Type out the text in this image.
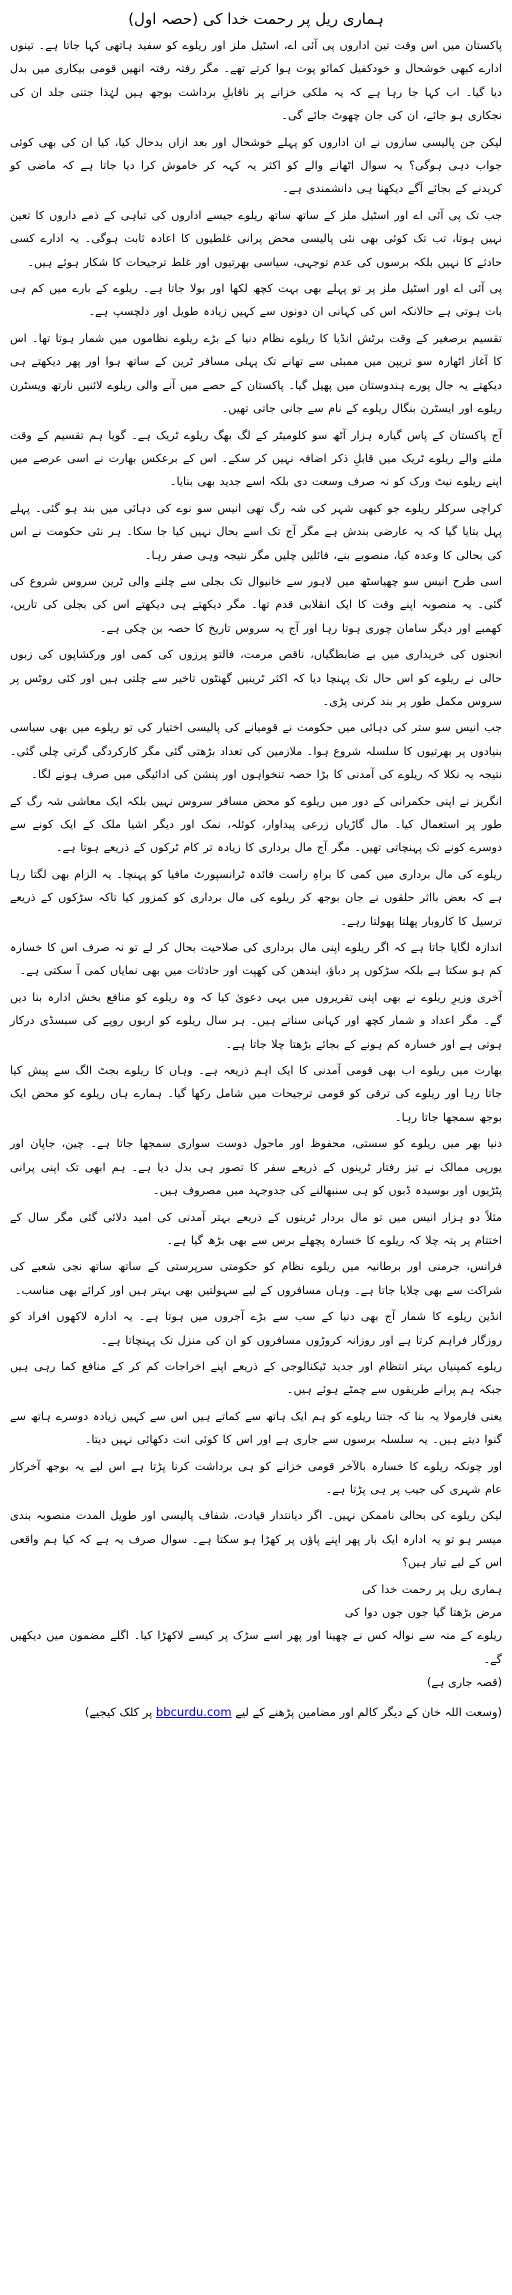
ہماری ریل پر رحمت خدا کی (حصہ اول)

پاکستان میں اس وقت تین اداروں پی آئی اے، اسٹیل ملز اور ریلوے کو سفید ہاتھی کہا جاتا ہے۔ تینوں ادارے کبھی خوشحال و خودکفیل کمائو پوت ہوا کرتے تھے۔ مگر رفتہ رفتہ انھیں قومی بیکاری میں بدل دیا گیا۔ اب کہا جا رہا ہے کہ یہ ملکی خزانے پر ناقابلِ برداشت بوجھ ہیں لہٰذا جتنی جلد ان کی نجکاری ہو جائے، ان کی جان چھوٹ جائے گی۔

لیکن جن پالیسی سازوں نے ان اداروں کو پہلے خوشحال اور بعد ازاں بدحال کیا، کیا ان کی بھی کوئی جواب دہی ہوگی؟ یہ سوال اٹھانے والے کو اکثر یہ کہہ کر خاموش کرا دیا جاتا ہے کہ ماضی کو کریدنے کے بجائے آگے دیکھنا ہی دانشمندی ہے۔

جب تک پی آئی اے اور اسٹیل ملز کے ساتھ ساتھ ریلوے جیسے اداروں کی تباہی کے ذمے داروں کا تعین نہیں ہوتا، تب تک کوئی بھی نئی پالیسی محض پرانی غلطیوں کا اعادہ ثابت ہوگی۔ یہ ادارے کسی حادثے کا نہیں بلکہ برسوں کی عدم توجہی، سیاسی بھرتیوں اور غلط ترجیحات کا شکار ہوئے ہیں۔

پی آئی اے اور اسٹیل ملز پر تو پہلے بھی بہت کچھ لکھا اور بولا جاتا ہے۔ ریلوے کے بارے میں کم ہی بات ہوتی ہے حالانکہ اس کی کہانی ان دونوں سے کہیں زیادہ طویل اور دلچسپ ہے۔

تقسیم برصغیر کے وقت برٹش انڈیا کا ریلوے نظام دنیا کے بڑے ریلوے نظاموں میں شمار ہوتا تھا۔ اس کا آغاز اٹھارہ سو تریپن میں ممبئی سے تھانے تک پہلی مسافر ٹرین کے ساتھ ہوا اور پھر دیکھتے ہی دیکھتے یہ جال پورے ہندوستان میں پھیل گیا۔ پاکستان کے حصے میں آنے والی ریلوے لائنیں نارتھ ویسٹرن ریلوے اور ایسٹرن بنگال ریلوے کے نام سے جانی جاتی تھیں۔

آج پاکستان کے پاس گیارہ ہزار آٹھ سو کلومیٹر کے لگ بھگ ریلوے ٹریک ہے۔ گویا ہم تقسیم کے وقت ملنے والے ریلوے ٹریک میں قابلِ ذکر اضافہ نہیں کر سکے۔ اس کے برعکس بھارت نے اسی عرصے میں اپنے ریلوے نیٹ ورک کو نہ صرف وسعت دی بلکہ اسے جدید بھی بنایا۔

کراچی سرکلر ریلوے جو کبھی شہر کی شہ رگ تھی انیس سو نوے کی دہائی میں بند ہو گئی۔ پہلے پہل بتایا گیا کہ یہ عارضی بندش ہے مگر آج تک اسے بحال نہیں کیا جا سکا۔ ہر نئی حکومت نے اس کی بحالی کا وعدہ کیا، منصوبے بنے، فائلیں چلیں مگر نتیجہ وہی صفر رہا۔

اسی طرح انیس سو چھیاسٹھ میں لاہور سے خانیوال تک بجلی سے چلنے والی ٹرین سروس شروع کی گئی۔ یہ منصوبہ اپنے وقت کا ایک انقلابی قدم تھا۔ مگر دیکھتے ہی دیکھتے اس کی بجلی کی تاریں، کھمبے اور دیگر سامان چوری ہوتا رہا اور آج یہ سروس تاریخ کا حصہ بن چکی ہے۔

انجنوں کی خریداری میں بے ضابطگیاں، ناقص مرمت، فالتو پرزوں کی کمی اور ورکشاپوں کی زبوں حالی نے ریلوے کو اس حال تک پہنچا دیا کہ اکثر ٹرینیں گھنٹوں تاخیر سے چلتی ہیں اور کئی روٹس پر سروس مکمل طور پر بند کرنی پڑی۔

جب انیس سو ستر کی دہائی میں حکومت نے قومیانے کی پالیسی اختیار کی تو ریلوے میں بھی سیاسی بنیادوں پر بھرتیوں کا سلسلہ شروع ہوا۔ ملازمین کی تعداد بڑھتی گئی مگر کارکردگی گرتی چلی گئی۔ نتیجہ یہ نکلا کہ ریلوے کی آمدنی کا بڑا حصہ تنخواہوں اور پنشن کی ادائیگی میں صرف ہونے لگا۔

انگریز نے اپنی حکمرانی کے دور میں ریلوے کو محض مسافر سروس نہیں بلکہ ایک معاشی شہ رگ کے طور پر استعمال کیا۔ مال گاڑیاں زرعی پیداوار، کوئلہ، نمک اور دیگر اشیا ملک کے ایک کونے سے دوسرے کونے تک پہنچاتی تھیں۔ مگر آج مال برداری کا زیادہ تر کام ٹرکوں کے ذریعے ہوتا ہے۔

ریلوے کی مال برداری میں کمی کا براہِ راست فائدہ ٹرانسپورٹ مافیا کو پہنچا۔ یہ الزام بھی لگتا رہا ہے کہ بعض بااثر حلقوں نے جان بوجھ کر ریلوے کی مال برداری کو کمزور کیا تاکہ سڑکوں کے ذریعے ترسیل کا کاروبار پھلتا پھولتا رہے۔

اندازہ لگایا جاتا ہے کہ اگر ریلوے اپنی مال برداری کی صلاحیت بحال کر لے تو نہ صرف اس کا خسارہ کم ہو سکتا ہے بلکہ سڑکوں پر دباؤ، ایندھن کی کھپت اور حادثات میں بھی نمایاں کمی آ سکتی ہے۔

آخری وزیرِ ریلوے نے بھی اپنی تقریروں میں یہی دعویٰ کیا کہ وہ ریلوے کو منافع بخش ادارہ بنا دیں گے۔ مگر اعداد و شمار کچھ اور کہانی سناتے ہیں۔ ہر سال ریلوے کو اربوں روپے کی سبسڈی درکار ہوتی ہے اور خسارہ کم ہونے کے بجائے بڑھتا چلا جاتا ہے۔

بھارت میں ریلوے اب بھی قومی آمدنی کا ایک اہم ذریعہ ہے۔ وہاں کا ریلوے بجٹ الگ سے پیش کیا جاتا رہا اور ریلوے کی ترقی کو قومی ترجیحات میں شامل رکھا گیا۔ ہمارے ہاں ریلوے کو محض ایک بوجھ سمجھا جاتا رہا۔

دنیا بھر میں ریلوے کو سستی، محفوظ اور ماحول دوست سواری سمجھا جاتا ہے۔ چین، جاپان اور یورپی ممالک نے تیز رفتار ٹرینوں کے ذریعے سفر کا تصور ہی بدل دیا ہے۔ ہم ابھی تک اپنی پرانی پٹڑیوں اور بوسیدہ ڈبوں کو ہی سنبھالنے کی جدوجہد میں مصروف ہیں۔

مثلاً دو ہزار انیس میں تو مال بردار ٹرینوں کے ذریعے بہتر آمدنی کی امید دلائی گئی مگر سال کے اختتام پر پتہ چلا کہ ریلوے کا خسارہ پچھلے برس سے بھی بڑھ گیا ہے۔

فرانس، جرمنی اور برطانیہ میں ریلوے نظام کو حکومتی سرپرستی کے ساتھ ساتھ نجی شعبے کی شراکت سے بھی چلایا جاتا ہے۔ وہاں مسافروں کے لیے سہولتیں بھی بہتر ہیں اور کرائے بھی مناسب۔

انڈین ریلوے کا شمار آج بھی دنیا کے سب سے بڑے آجروں میں ہوتا ہے۔ یہ ادارہ لاکھوں افراد کو روزگار فراہم کرتا ہے اور روزانہ کروڑوں مسافروں کو ان کی منزل تک پہنچاتا ہے۔

ریلوے کمپنیاں بہتر انتظام اور جدید ٹیکنالوجی کے ذریعے اپنے اخراجات کم کر کے منافع کما رہی ہیں جبکہ ہم پرانے طریقوں سے چمٹے ہوئے ہیں۔

یعنی فارمولا یہ بنا کہ جتنا ریلوے کو ہم ایک ہاتھ سے کماتے ہیں اس سے کہیں زیادہ دوسرے ہاتھ سے گنوا دیتے ہیں۔ یہ سلسلہ برسوں سے جاری ہے اور اس کا کوئی انت دکھائی نہیں دیتا۔

اور چونکہ ریلوے کا خسارہ بالآخر قومی خزانے کو ہی برداشت کرنا پڑتا ہے اس لیے یہ بوجھ آخرکار عام شہری کی جیب پر ہی پڑتا ہے۔

لیکن ریلوے کی بحالی ناممکن نہیں۔ اگر دیانتدار قیادت، شفاف پالیسی اور طویل المدت منصوبہ بندی میسر ہو تو یہ ادارہ ایک بار پھر اپنے پاؤں پر کھڑا ہو سکتا ہے۔ سوال صرف یہ ہے کہ کیا ہم واقعی اس کے لیے تیار ہیں؟

ہماری ریل پر رحمت خدا کی

مرض بڑھتا گیا جوں جوں دوا کی

ریلوے کے منہ سے نوالہ کس نے چھینا اور پھر اسے سڑک پر کیسے لاکھڑا کیا۔ اگلے مضمون میں دیکھیں گے۔

(قصہ جاری ہے)

(وسعت اللہ خان کے دیگر کالم اور مضامین پڑھنے کے لیے bbcurdu.com پر کلک کیجیے)
